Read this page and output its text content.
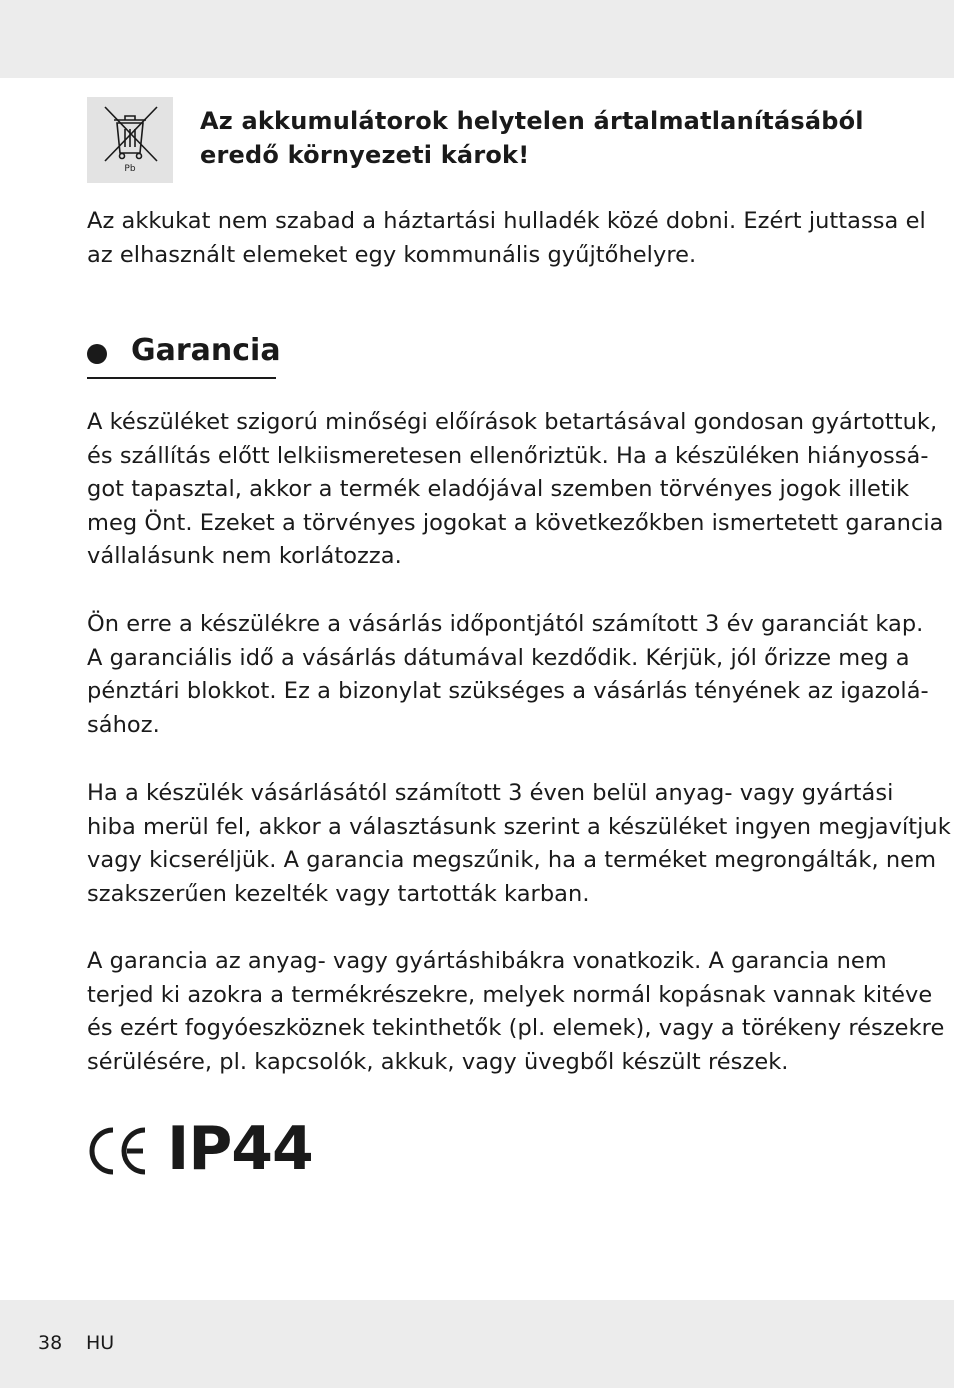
Pb
Az akkumulátorok helytelen ártalmatlanításából
eredő környezeti károk!
Az akkukat nem szabad a háztartási hulladék közé dobni. Ezért juttassa el
az elhasznált elemeket egy kommunális gyűjtőhelyre.
Garancia
A készüléket szigorú minőségi előírások betartásával gondosan gyártottuk,
és szállítás előtt lelkiismeretesen ellenőriztük. Ha a készüléken hiányossá-
got tapasztal, akkor a termék eladójával szemben törvényes jogok illetik
meg Önt. Ezeket a törvényes jogokat a következőkben ismertetett garancia
vállalásunk nem korlátozza.
Ön erre a készülékre a vásárlás időpontjától számított 3 év garanciát kap.
A garanciális idő a vásárlás dátumával kezdődik. Kérjük, jól őrizze meg a
pénztári blokkot. Ez a bizonylat szükséges a vásárlás tényének az igazolá-
sához.
Ha a készülék vásárlásától számított 3 éven belül anyag- vagy gyártási
hiba merül fel, akkor a választásunk szerint a készüléket ingyen megjavítjuk
vagy kicseréljük. A garancia megszűnik, ha a terméket megrongálták, nem
szakszerűen kezelték vagy tartották karban.
A garancia az anyag- vagy gyártáshibákra vonatkozik. A garancia nem
terjed ki azokra a termékrészekre, melyek normál kopásnak vannak kitéve
és ezért fogyóeszköznek tekinthetők (pl. elemek), vagy a törékeny részekre
sérülésére, pl. kapcsolók, akkuk, vagy üvegből készült részek.
IP44
38 HU
